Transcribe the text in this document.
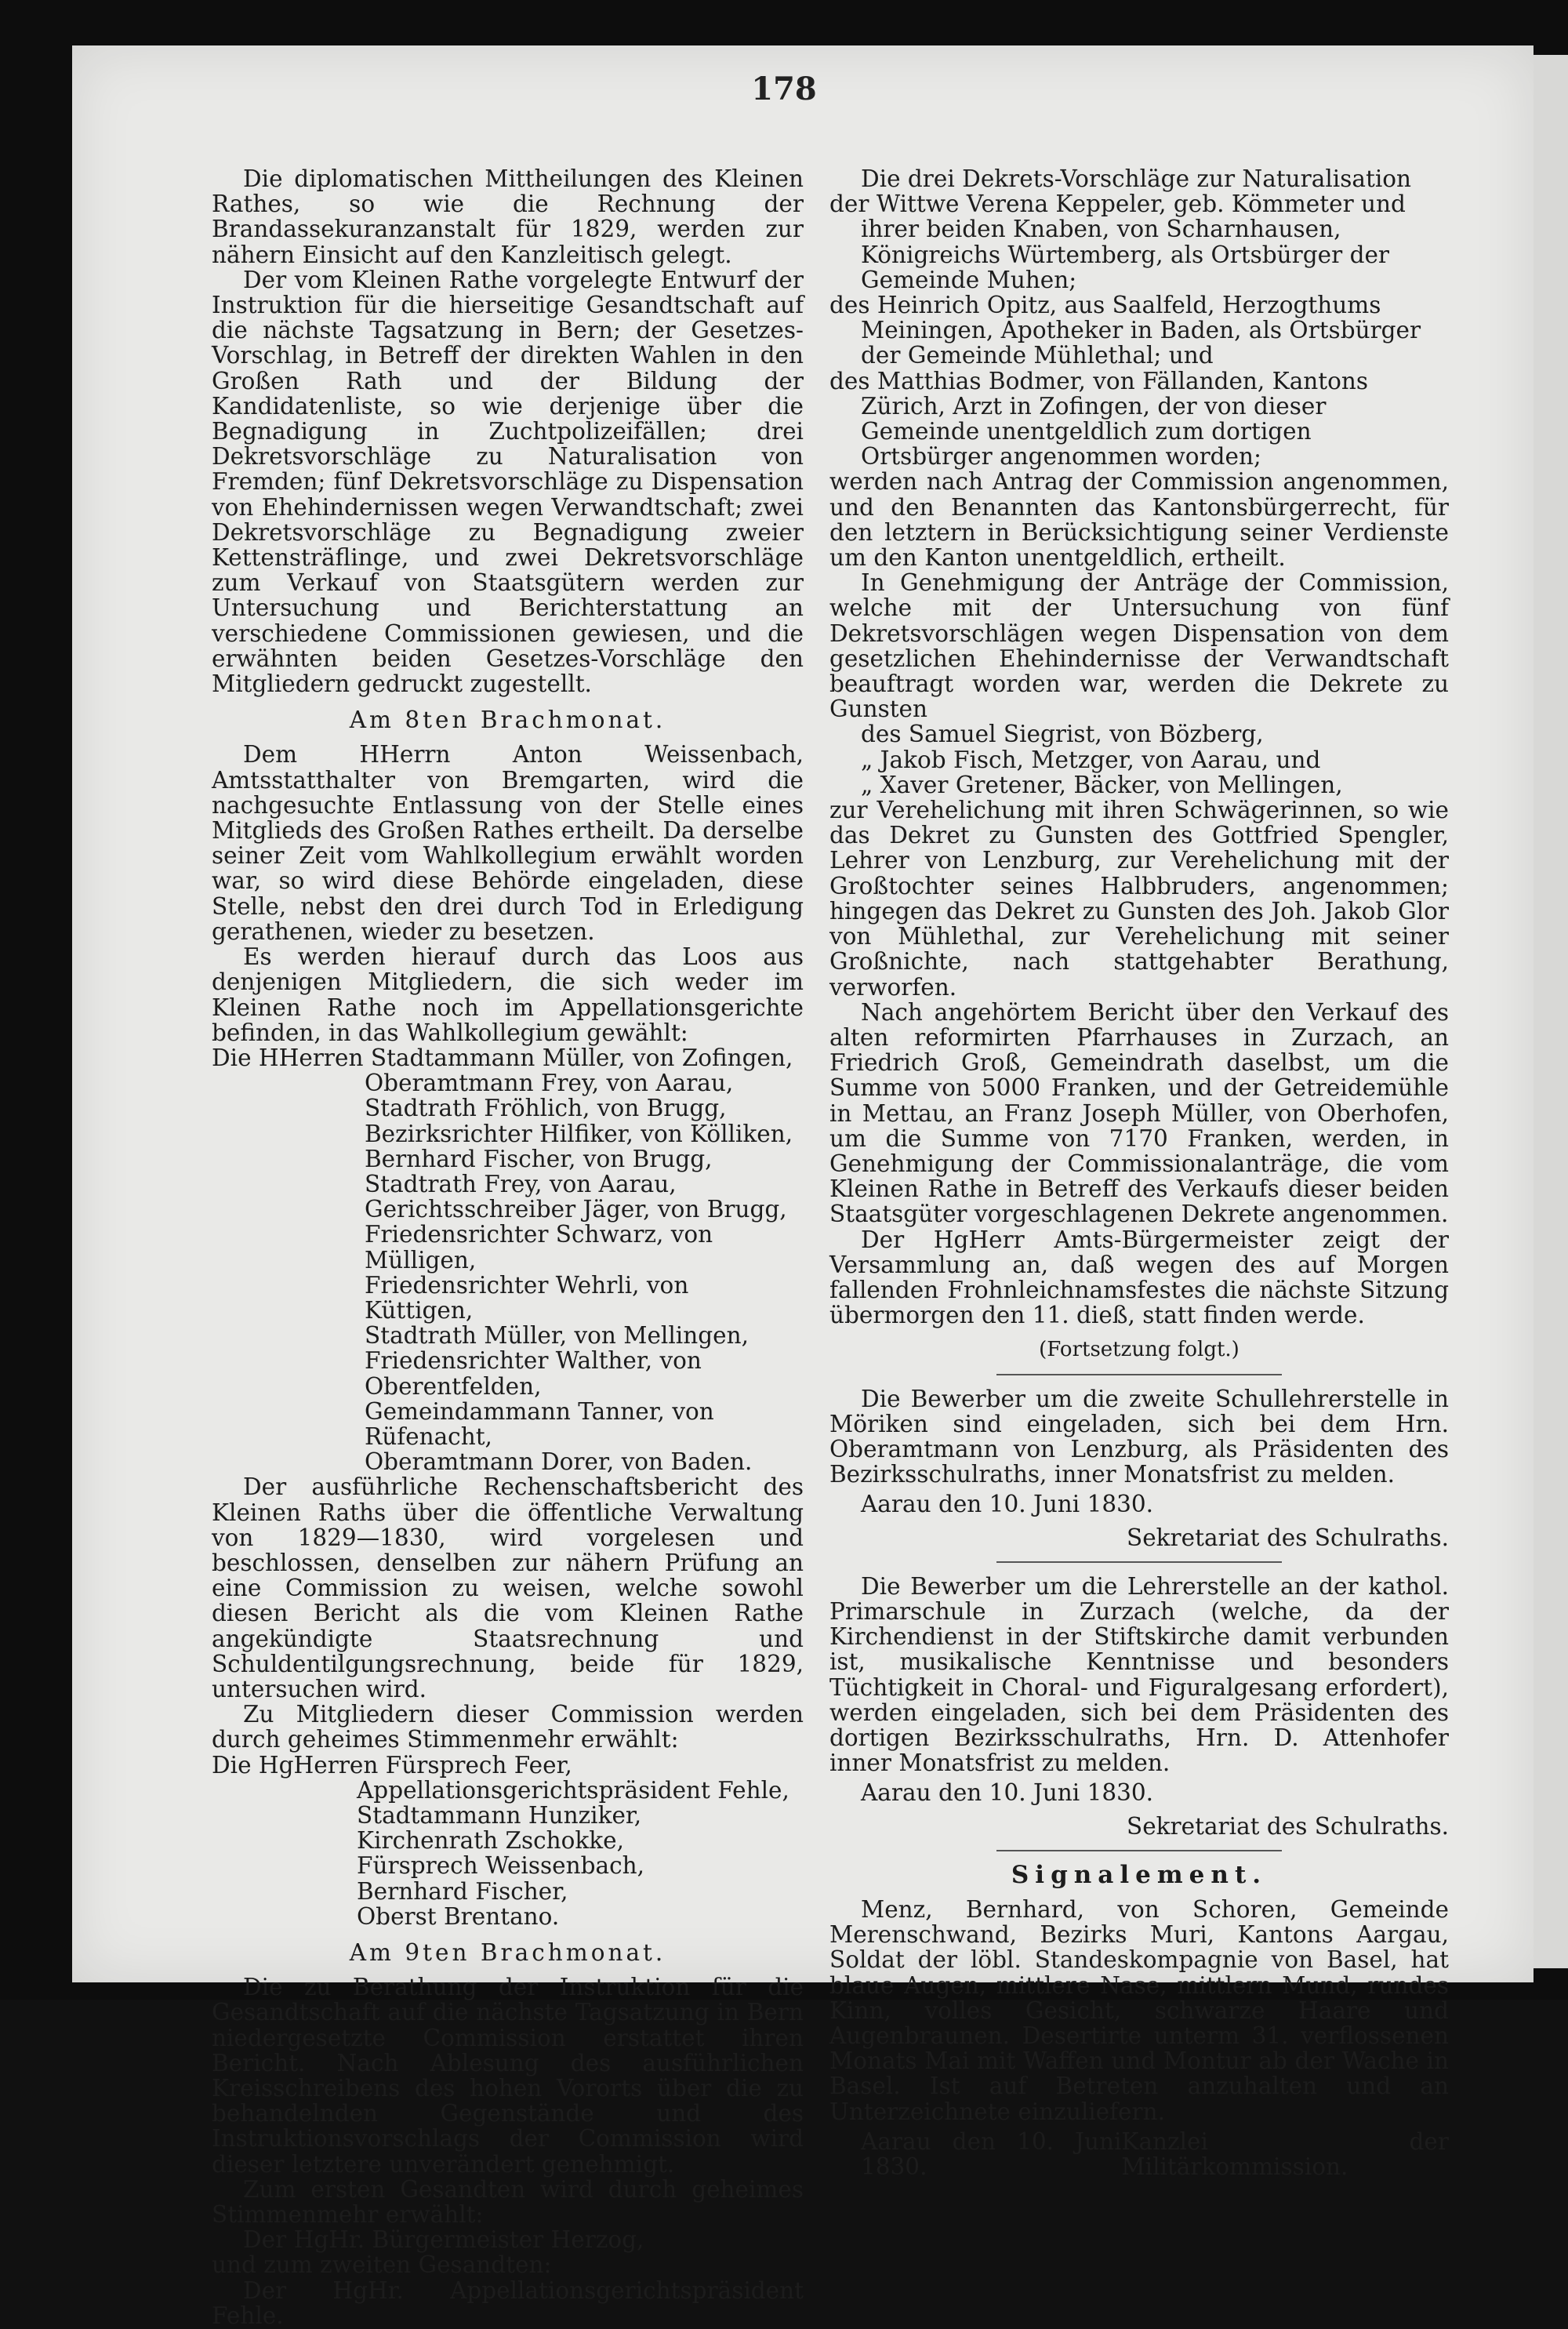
178

Die diplomatischen Mittheilungen des Kleinen Rathes, so wie die Rechnung der Brandassekuranzanstalt für 1829, werden zur nähern Einsicht auf den Kanzleitisch gelegt.

Der vom Kleinen Rathe vorgelegte Entwurf der Instruktion für die hierseitige Gesandtschaft auf die nächste Tagsatzung in Bern; der Gesetzes-Vorschlag, in Betreff der direkten Wahlen in den Großen Rath und der Bildung der Kandidatenliste, so wie derjenige über die Begnadigung in Zuchtpolizeifällen; drei Dekretsvorschläge zu Naturalisation von Fremden; fünf Dekretsvorschläge zu Dispensation von Ehehindernissen wegen Verwandtschaft; zwei Dekretsvorschläge zu Begnadigung zweier Kettensträflinge, und zwei Dekretsvorschläge zum Verkauf von Staatsgütern werden zur Untersuchung und Berichterstattung an verschiedene Commissionen gewiesen, und die erwähnten beiden Gesetzes-Vorschläge den Mitgliedern gedruckt zugestellt.

Am 8ten Brachmonat.

Dem HHerrn Anton Weissenbach, Amtsstatthalter von Bremgarten, wird die nachgesuchte Entlassung von der Stelle eines Mitglieds des Großen Rathes ertheilt. Da derselbe seiner Zeit vom Wahlkollegium erwählt worden war, so wird diese Behörde eingeladen, diese Stelle, nebst den drei durch Tod in Erledigung gerathenen, wieder zu besetzen.

Es werden hierauf durch das Loos aus denjenigen Mitgliedern, die sich weder im Kleinen Rathe noch im Appellationsgerichte befinden, in das Wahlkollegium gewählt:

Die HHerren Stadtammann Müller, von Zofingen,

Oberamtmann Frey, von Aarau,
Stadtrath Fröhlich, von Brugg,
Bezirksrichter Hilfiker, von Kölliken,
Bernhard Fischer, von Brugg,
Stadtrath Frey, von Aarau,
Gerichtsschreiber Jäger, von Brugg,
Friedensrichter Schwarz, von Mülligen,
Friedensrichter Wehrli, von Küttigen,
Stadtrath Müller, von Mellingen,
Friedensrichter Walther, von Oberentfelden,
Gemeindammann Tanner, von Rüfenacht,
Oberamtmann Dorer, von Baden.

Der ausführliche Rechenschaftsbericht des Kleinen Raths über die öffentliche Verwaltung von 1829—1830, wird vorgelesen und beschlossen, denselben zur nähern Prüfung an eine Commission zu weisen, welche sowohl diesen Bericht als die vom Kleinen Rathe angekündigte Staatsrechnung und Schuldentilgungsrechnung, beide für 1829, untersuchen wird.

Zu Mitgliedern dieser Commission werden durch geheimes Stimmenmehr erwählt:

Die HgHerren Fürsprech Feer,

Appellationsgerichtspräsident Fehle,
Stadtammann Hunziker,
Kirchenrath Zschokke,
Fürsprech Weissenbach,
Bernhard Fischer,
Oberst Brentano.
Am 9ten Brachmonat.

Die zu Berathung der Instruktion für die Gesandtschaft auf die nächste Tagsatzung in Bern niedergesetzte Commission erstattet ihren Bericht. Nach Ablesung des ausführlichen Kreisschreibens des hohen Vororts über die zu behandelnden Gegenstände und des Instruktionsvorschlags der Commission wird dieser letztere unverändert genehmigt.

Zum ersten Gesandten wird durch geheimes Stimmenmehr erwählt:

Der HgHr. Bürgermeister Herzog,

und zum zweiten Gesandten:

Der HgHr. Appellationsgerichtspräsident Fehle.

Die drei Dekrets-Vorschläge zur Naturalisation

der Wittwe Verena Keppeler, geb. Kömmeter und ihrer beiden Knaben, von Scharnhausen, Königreichs Würtemberg, als Ortsbürger der Gemeinde Muhen;
des Heinrich Opitz, aus Saalfeld, Herzogthums Meiningen, Apotheker in Baden, als Ortsbürger der Gemeinde Mühlethal; und
des Matthias Bodmer, von Fällanden, Kantons Zürich, Arzt in Zofingen, der von dieser Gemeinde unentgeldlich zum dortigen Ortsbürger angenommen worden;

werden nach Antrag der Commission angenommen, und den Benannten das Kantonsbürgerrecht, für den letztern in Berücksichtigung seiner Verdienste um den Kanton unentgeldlich, ertheilt.

In Genehmigung der Anträge der Commission, welche mit der Untersuchung von fünf Dekretsvorschlägen wegen Dispensation von dem gesetzlichen Ehehindernisse der Verwandtschaft beauftragt worden war, werden die Dekrete zu Gunsten

des Samuel Siegrist, von Bözberg,
„ Jakob Fisch, Metzger, von Aarau, und
„ Xaver Gretener, Bäcker, von Mellingen,

zur Verehelichung mit ihren Schwägerinnen, so wie das Dekret zu Gunsten des Gottfried Spengler, Lehrer von Lenzburg, zur Verehelichung mit der Großtochter seines Halbbruders, angenommen; hingegen das Dekret zu Gunsten des Joh. Jakob Glor von Mühlethal, zur Verehelichung mit seiner Großnichte, nach stattgehabter Berathung, verworfen.

Nach angehörtem Bericht über den Verkauf des alten reformirten Pfarrhauses in Zurzach, an Friedrich Groß, Gemeindrath daselbst, um die Summe von 5000 Franken, und der Getreidemühle in Mettau, an Franz Joseph Müller, von Oberhofen, um die Summe von 7170 Franken, werden, in Genehmigung der Commissionalanträge, die vom Kleinen Rathe in Betreff des Verkaufs dieser beiden Staatsgüter vorgeschlagenen Dekrete angenommen.

Der HgHerr Amts-Bürgermeister zeigt der Versammlung an, daß wegen des auf Morgen fallenden Frohnleichnamsfestes die nächste Sitzung übermorgen den 11. dieß, statt finden werde.

(Fortsetzung folgt.)

Die Bewerber um die zweite Schullehrerstelle in Möriken sind eingeladen, sich bei dem Hrn. Oberamtmann von Lenzburg, als Präsidenten des Bezirksschulraths, inner Monatsfrist zu melden.

Aarau den 10. Juni 1830.
Sekretariat des Schulraths.

Die Bewerber um die Lehrerstelle an der kathol. Primarschule in Zurzach (welche, da der Kirchendienst in der Stiftskirche damit verbunden ist, musikalische Kenntnisse und besonders Tüchtigkeit in Choral- und Figuralgesang erfordert), werden eingeladen, sich bei dem Präsidenten des dortigen Bezirksschulraths, Hrn. D. Attenhofer inner Monatsfrist zu melden.

Aarau den 10. Juni 1830.
Sekretariat des Schulraths.
Signalement.

Menz, Bernhard, von Schoren, Gemeinde Merenschwand, Bezirks Muri, Kantons Aargau, Soldat der löbl. Standeskompagnie von Basel, hat blaue Augen, mittlere Nase, mittlern Mund, rundes Kinn, volles Gesicht, schwarze Haare und Augenbraunen. Desertirte unterm 31. verflossenen Monats Mai mit Waffen und Montur ab der Wache in Basel. Ist auf Betreten anzuhalten und an Unterzeichnete einzuliefern.

Aarau den 10. Juni 1830.
Kanzlei der Militärkommission.
